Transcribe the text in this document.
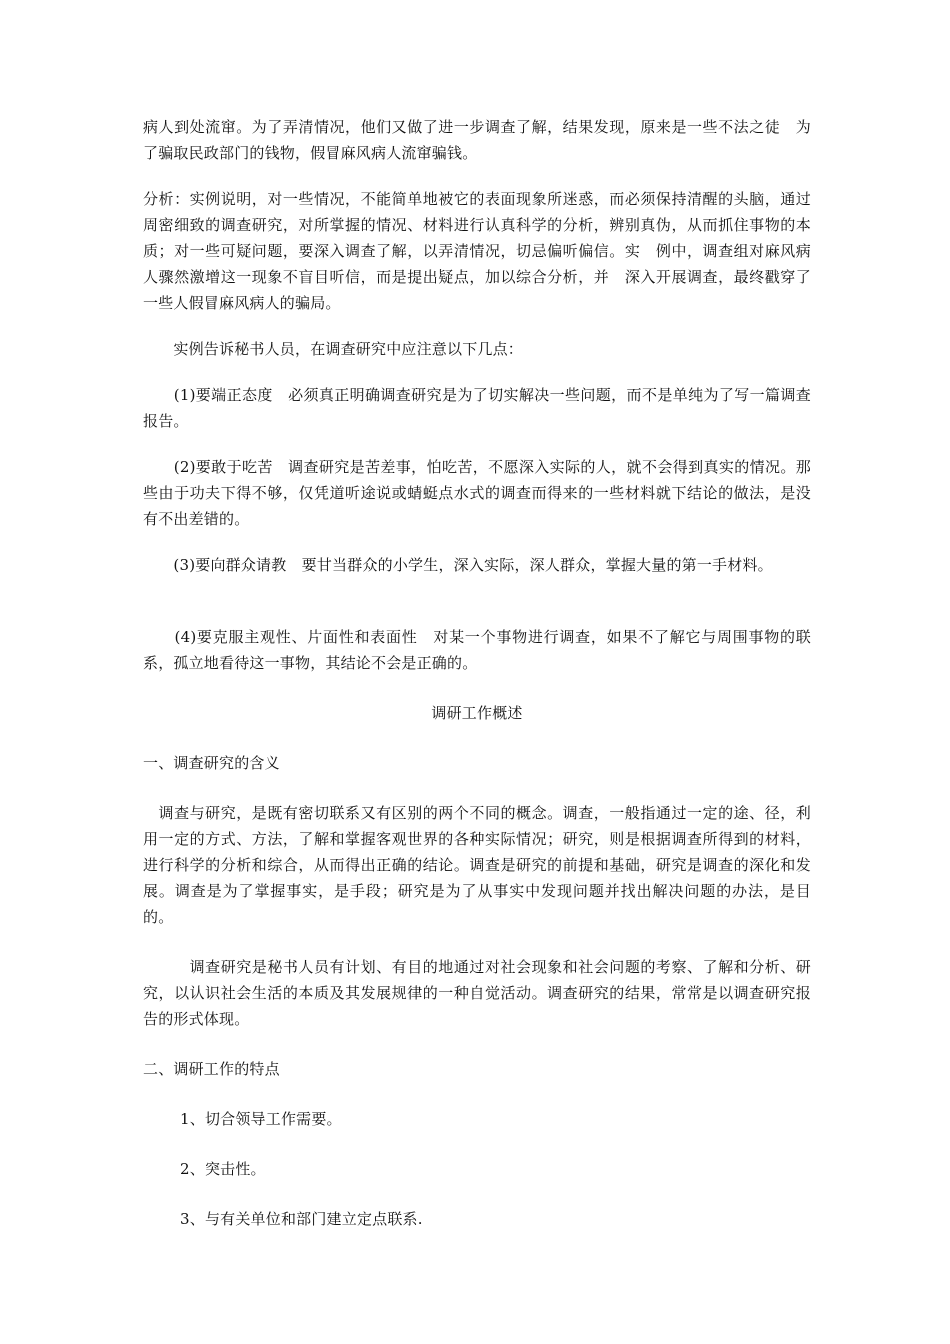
病人到处流窜。为了弄清情况，他们又做了进一步调查了解，结果发现，原来是一些不法之徒　为了骗取民政部门的钱物，假冒麻风病人流窜骗钱。

分析：实例说明，对一些情况，不能简单地被它的表面现象所迷惑，而必须保持清醒的头脑，通过周密细致的调查研究，对所掌握的情况、材料进行认真科学的分析，辨别真伪，从而抓住事物的本质；对一些可疑问题，要深入调查了解，以弄清情况，切忌偏听偏信。实　例中，调查组对麻风病人骤然激增这一现象不盲目听信，而是提出疑点，加以综合分析，并　深入开展调查，最终戳穿了一些人假冒麻风病人的骗局。

　　实例告诉秘书人员，在调查研究中应注意以下几点：

　　(1)要端正态度　必须真正明确调查研究是为了切实解决一些问题，而不是单纯为了写一篇调查报告。

　　(2)要敢于吃苦　调查研究是苦差事，怕吃苦，不愿深入实际的人，就不会得到真实的情况。那些由于功夫下得不够，仅凭道听途说或蜻蜓点水式的调查而得来的一些材料就下结论的做法，是没有不出差错的。

　　(3)要向群众请教　要甘当群众的小学生，深入实际，深人群众，掌握大量的第一手材料。

　　(4)要克服主观性、片面性和表面性　对某一个事物进行调查，如果不了解它与周围事物的联系，孤立地看待这一事物，其结论不会是正确的。

调研工作概述

一、调查研究的含义

　调查与研究，是既有密切联系又有区别的两个不同的概念。调查，一般指通过一定的途、径，利用一定的方式、方法，了解和掌握客观世界的各种实际情况；研究，则是根据调查所得到的材料，进行科学的分析和综合，从而得出正确的结论。调查是研究的前提和基础，研究是调查的深化和发展。调查是为了掌握事实，是手段；研究是为了从事实中发现问题并找出解决问题的办法，是目的。

　　　调查研究是秘书人员有计划、有目的地通过对社会现象和社会问题的考察、了解和分析、研究，以认识社会生活的本质及其发展规律的一种自觉活动。调查研究的结果，常常是以调查研究报告的形式体现。

二、调研工作的特点

1、切合领导工作需要。

2、突击性。

3、与有关单位和部门建立定点联系.
